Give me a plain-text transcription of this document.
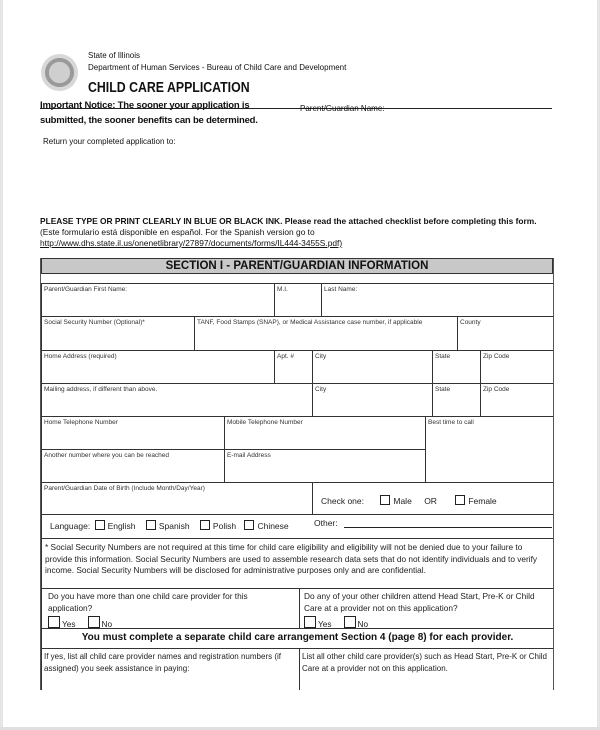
State of Illinois
Department of Human Services - Bureau of Child Care and Development
CHILD CARE APPLICATION
Important Notice: The sooner your application is
submitted, the sooner benefits can be determined.
Parent/Guardian Name:
Return your completed application to:
PLEASE TYPE OR PRINT CLEARLY IN BLUE OR BLACK INK. Please read the attached checklist before completing this form. (Este formulario está disponible en español. For the Spanish version go to
http://www.dhs.state.il.us/onenetlibrary/27897/documents/forms/IL444-3455S.pdf)
SECTION I - PARENT/GUARDIAN INFORMATION
Parent/Guardian First Name:	M.I.	Last Name:
Social Security Number (Optional)*	TANF, Food Stamps (SNAP), or Medical Assistance case number, if applicable	County
Home Address (required)	Apt. #	City	State	Zip Code
Mailing address, if different than above.	City	State	Zip Code
Home Telephone Number	Mobile Telephone Number	Best time to call
Another number where you can be reached	E-mail Address
Parent/Guardian Date of Birth (Include Month/Day/Year)
Check one:	Male OR	Female
Language: English	Spanish	Polish	Chinese	Other:
* Social Security Numbers are not required at this time for child care eligibility and eligibility will not be denied due to your failure to provide this information. Social Security Numbers are used to assemble research data sets that do not identify individuals and to verify income. Social Security Numbers will be disclosed for administrative purposes only and are confidential.
Do you have more than one child care provider for this application?
Yes	No
Do any of your other children attend Head Start, Pre-K or Child Care at a provider not on this application?
Yes	No
You must complete a separate child care arrangement Section 4 (page 8) for each provider.
If yes, list all child care provider names and registration numbers (if assigned) you seek assistance in paying:
List all other child care provider(s) such as Head Start, Pre-K or Child Care at a provider not on this application.
